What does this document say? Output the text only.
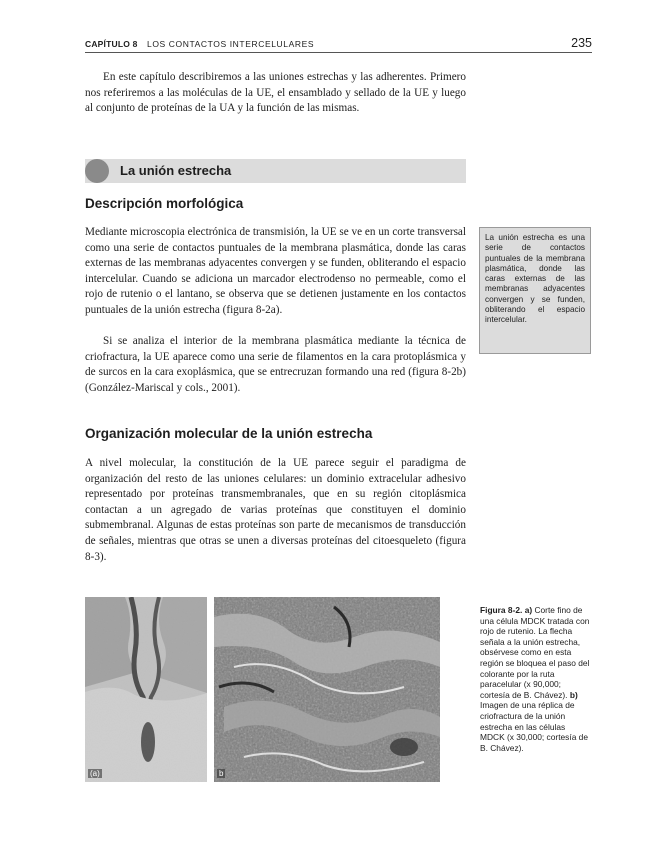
CAPÍTULO 8 LOS CONTACTOS INTERCELULARES	235

En este capítulo describiremos a las uniones estrechas y las adherentes. Primero nos referiremos a las moléculas de la UE, el ensamblado y sellado de la UE y luego al conjunto de proteínas de la UA y la función de las mismas.

La unión estrecha
Descripción morfológica

Mediante microscopia electrónica de transmisión, la UE se ve en un corte transversal como una serie de contactos puntuales de la membrana plasmática, donde las caras externas de las membranas adyacentes convergen y se funden, obliterando el espacio intercelular. Cuando se adiciona un marcador electrodenso no permeable, como el rojo de rutenio o el lantano, se observa que se detienen justamente en los contactos puntuales de la unión estrecha (figura 8-2a).

Si se analiza el interior de la membrana plasmática mediante la técnica de criofractura, la UE aparece como una serie de filamentos en la cara protoplásmica y de surcos en la cara exoplásmica, que se entrecruzan formando una red (figura 8-2b) (González-Mariscal y cols., 2001).

La unión estrecha es una serie de contactos puntuales de la membrana plasmática, donde las caras externas de las membranas adyacentes convergen y se funden, obliterando el espacio intercelular.
Organización molecular de la unión estrecha

A nivel molecular, la constitución de la UE parece seguir el paradigma de organización del resto de las uniones celulares: un dominio extracelular adhesivo representado por proteínas transmembranales, que en su región citoplásmica contactan a un agregado de varias proteínas que constituyen el dominio submembranal. Algunas de estas proteínas son parte de mecanismos de transducción de señales, mientras que otras se unen a diversas proteínas del citoesqueleto (figura 8-3).

(a)	b
Figura 8-2. a) Corte fino de una célula MDCK tratada con rojo de rutenio. La flecha señala a la unión estrecha, obsérvese como en esta región se bloquea el paso del colorante por la ruta paracelular (x 90,000; cortesía de B. Chávez). b) Imagen de una réplica de criofractura de la unión estrecha en las células MDCK (x 30,000; cortesía de B. Chávez).
